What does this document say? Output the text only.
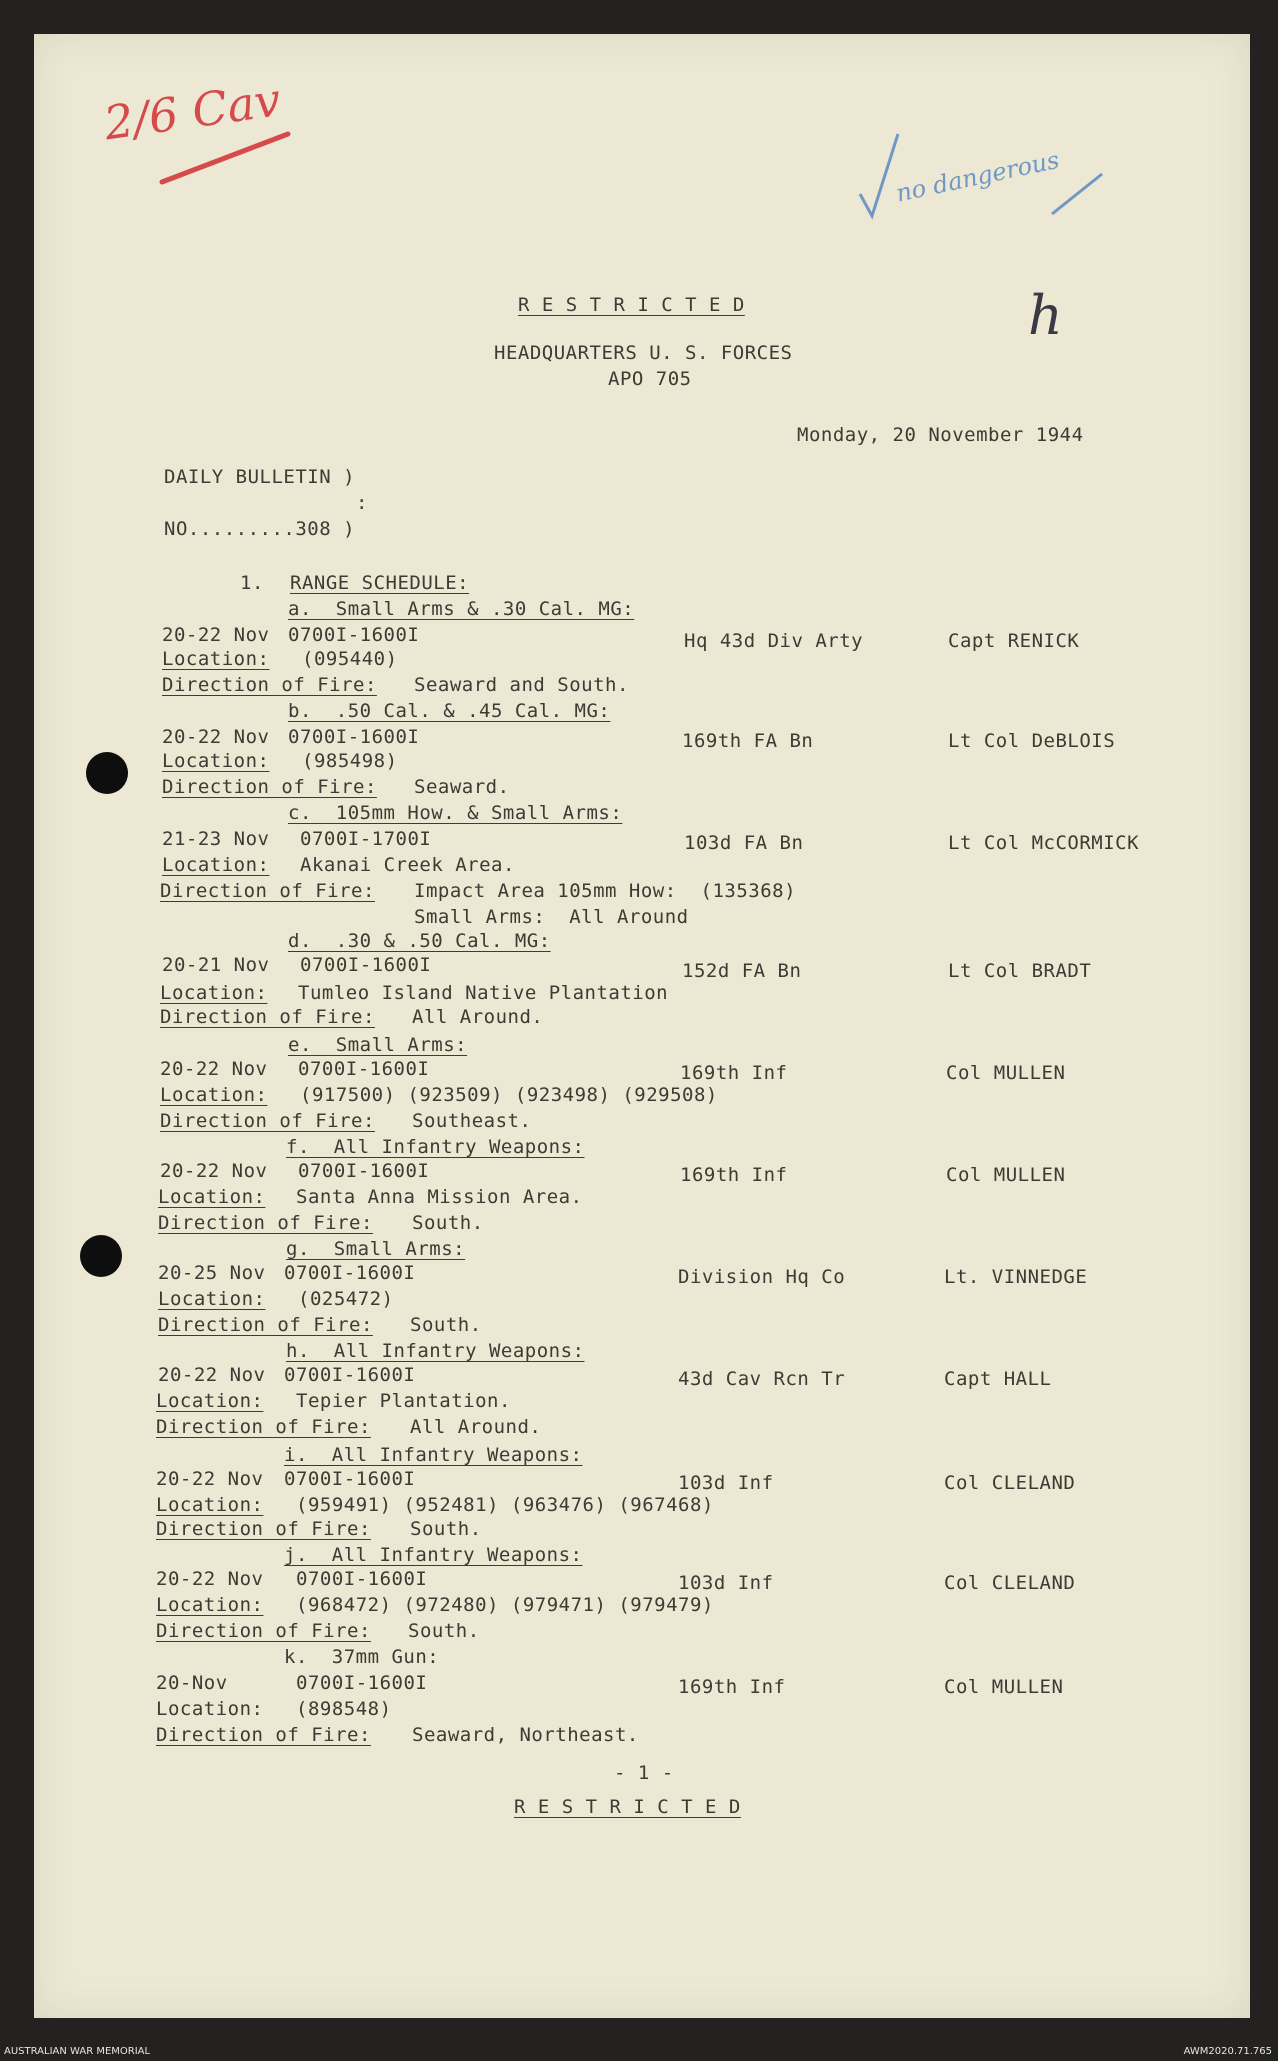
2/6 Cav
no dangerous
h
R E S T R I C T E D
HEADQUARTERS U. S. FORCES
APO 705
Monday, 20 November 1944
DAILY BULLETIN )
:
NO.........308 )
1. RANGE SCHEDULE:
a.  Small Arms & .30 Cal. MG:
20-22 Nov 0700I-1600I	Hq 43d Div Arty	Capt RENICK
Location: (095440)
Direction of Fire: Seaward and South.
b.  .50 Cal. & .45 Cal. MG:
20-22 Nov 0700I-1600I	169th FA Bn	Lt Col DeBLOIS
Location: (985498)
Direction of Fire: Seaward.
c.  105mm How. & Small Arms:
21-23 Nov 0700I-1700I	103d FA Bn	Lt Col McCORMICK
Location: Akanai Creek Area.
Direction of Fire: Impact Area 105mm How:  (135368)
Small Arms:  All Around
d.  .30 & .50 Cal. MG:
20-21 Nov 0700I-1600I	152d FA Bn	Lt Col BRADT
Location: Tumleo Island Native Plantation
Direction of Fire: All Around.
e.  Small Arms:
20-22 Nov 0700I-1600I	169th Inf	Col MULLEN
Location: (917500) (923509) (923498) (929508)
Direction of Fire: Southeast.
f.  All Infantry Weapons:
20-22 Nov 0700I-1600I	169th Inf	Col MULLEN
Location: Santa Anna Mission Area.
Direction of Fire: South.
g.  Small Arms:
20-25 Nov 0700I-1600I	Division Hq Co	Lt. VINNEDGE
Location: (025472)
Direction of Fire: South.
h.  All Infantry Weapons:
20-22 Nov 0700I-1600I	43d Cav Rcn Tr	Capt HALL
Location: Tepier Plantation.
Direction of Fire: All Around.
i.  All Infantry Weapons:
20-22 Nov 0700I-1600I	103d Inf	Col CLELAND
Location: (959491) (952481) (963476) (967468)
Direction of Fire: South.
j.  All Infantry Weapons:
20-22 Nov 0700I-1600I	103d Inf	Col CLELAND
Location: (968472) (972480) (979471) (979479)
Direction of Fire: South.
k.  37mm Gun:
20-Nov	0700I-1600I	169th Inf	Col MULLEN
Location: (898548)
Direction of Fire: Seaward, Northeast.
- 1 -
R E S T R I C T E D
AUSTRALIAN WAR MEMORIAL	AWM2020.71.765
